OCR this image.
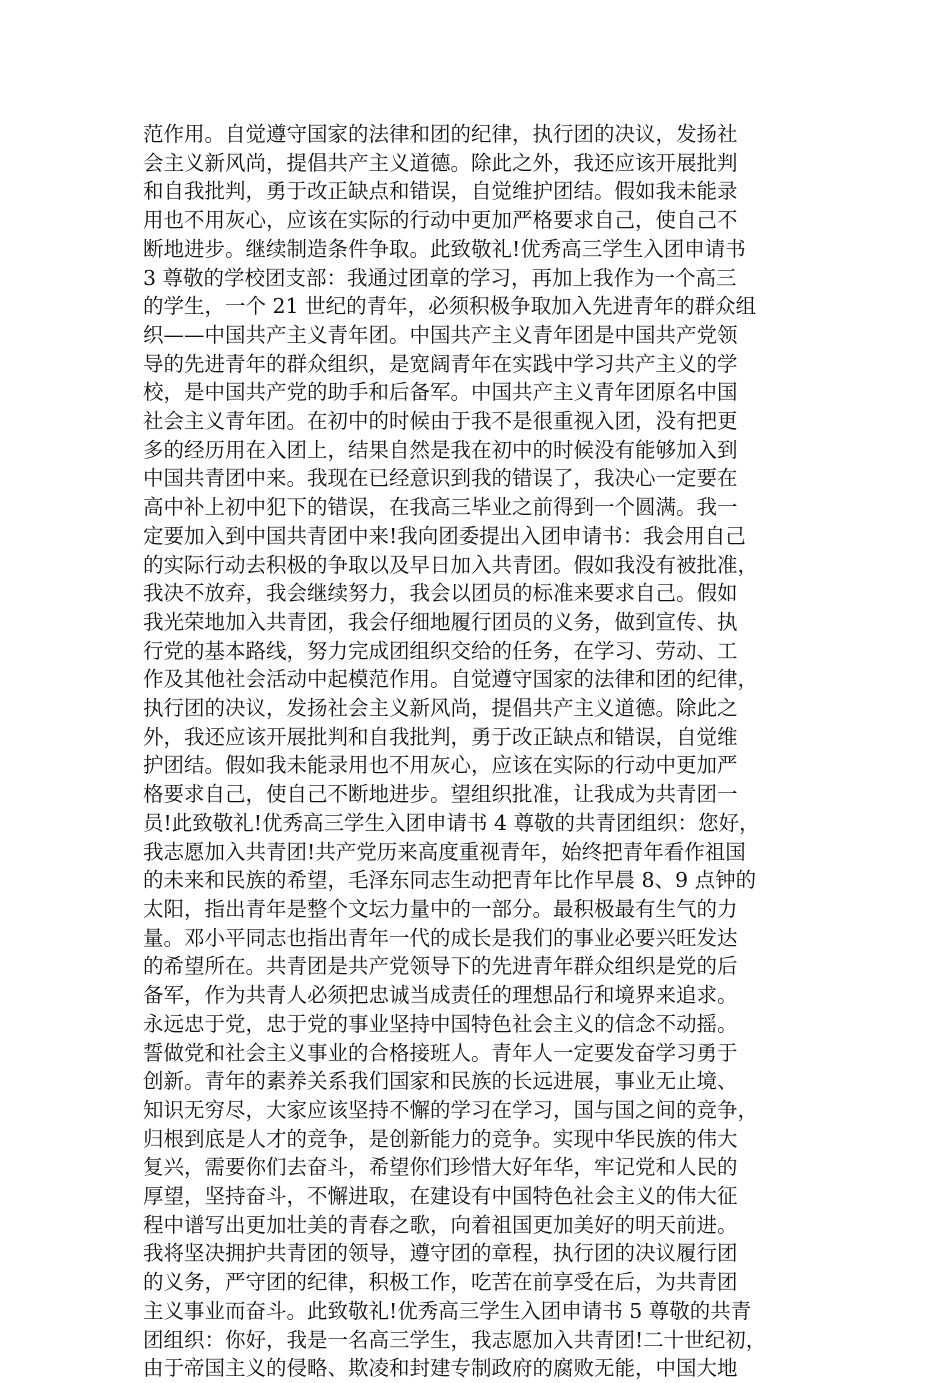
范作用。自觉遵守国家的法律和团的纪律，执行团的决议，发扬社
会主义新风尚，提倡共产主义道德。除此之外，我还应该开展批判
和自我批判，勇于改正缺点和错误，自觉维护团结。假如我未能录
用也不用灰心，应该在实际的行动中更加严格要求自己，使自己不
断地进步。继续制造条件争取。此致敬礼!优秀高三学生入团申请书
3 尊敬的学校团支部：我通过团章的学习，再加上我作为一个高三
的学生，一个 21 世纪的青年，必须积极争取加入先进青年的群众组
织——中国共产主义青年团。中国共产主义青年团是中国共产党领
导的先进青年的群众组织，是宽阔青年在实践中学习共产主义的学
校，是中国共产党的助手和后备军。中国共产主义青年团原名中国
社会主义青年团。在初中的时候由于我不是很重视入团，没有把更
多的经历用在入团上，结果自然是我在初中的时候没有能够加入到
中国共青团中来。我现在已经意识到我的错误了，我决心一定要在
高中补上初中犯下的错误，在我高三毕业之前得到一个圆满。我一
定要加入到中国共青团中来!我向团委提出入团申请书：我会用自己
的实际行动去积极的争取以及早日加入共青团。假如我没有被批准，
我决不放弃，我会继续努力，我会以团员的标准来要求自己。假如
我光荣地加入共青团，我会仔细地履行团员的义务，做到宣传、执
行党的基本路线，努力完成团组织交给的任务，在学习、劳动、工
作及其他社会活动中起模范作用。自觉遵守国家的法律和团的纪律，
执行团的决议，发扬社会主义新风尚，提倡共产主义道德。除此之
外，我还应该开展批判和自我批判，勇于改正缺点和错误，自觉维
护团结。假如我未能录用也不用灰心，应该在实际的行动中更加严
格要求自己，使自己不断地进步。望组织批准，让我成为共青团一
员!此致敬礼!优秀高三学生入团申请书 4 尊敬的共青团组织：您好，
我志愿加入共青团!共产党历来高度重视青年，始终把青年看作祖国
的未来和民族的希望，毛泽东同志生动把青年比作早晨 8、9 点钟的
太阳，指出青年是整个文坛力量中的一部分。最积极最有生气的力
量。邓小平同志也指出青年一代的成长是我们的事业必要兴旺发达
的希望所在。共青团是共产党领导下的先进青年群众组织是党的后
备军，作为共青人必须把忠诚当成责任的理想品行和境界来追求。
永远忠于党，忠于党的事业坚持中国特色社会主义的信念不动摇。
誓做党和社会主义事业的合格接班人。青年人一定要发奋学习勇于
创新。青年的素养关系我们国家和民族的长远进展，事业无止境、
知识无穷尽，大家应该坚持不懈的学习在学习，国与国之间的竞争，
归根到底是人才的竞争，是创新能力的竞争。实现中华民族的伟大
复兴，需要你们去奋斗，希望你们珍惜大好年华，牢记党和人民的
厚望，坚持奋斗，不懈进取，在建设有中国特色社会主义的伟大征
程中谱写出更加壮美的青春之歌，向着祖国更加美好的明天前进。
我将坚决拥护共青团的领导，遵守团的章程，执行团的决议履行团
的义务，严守团的纪律，积极工作，吃苦在前享受在后，为共青团
主义事业而奋斗。此致敬礼!优秀高三学生入团申请书 5 尊敬的共青
团组织：你好，我是一名高三学生，我志愿加入共青团!二十世纪初，
由于帝国主义的侵略、欺凌和封建专制政府的腐败无能，中国大地
